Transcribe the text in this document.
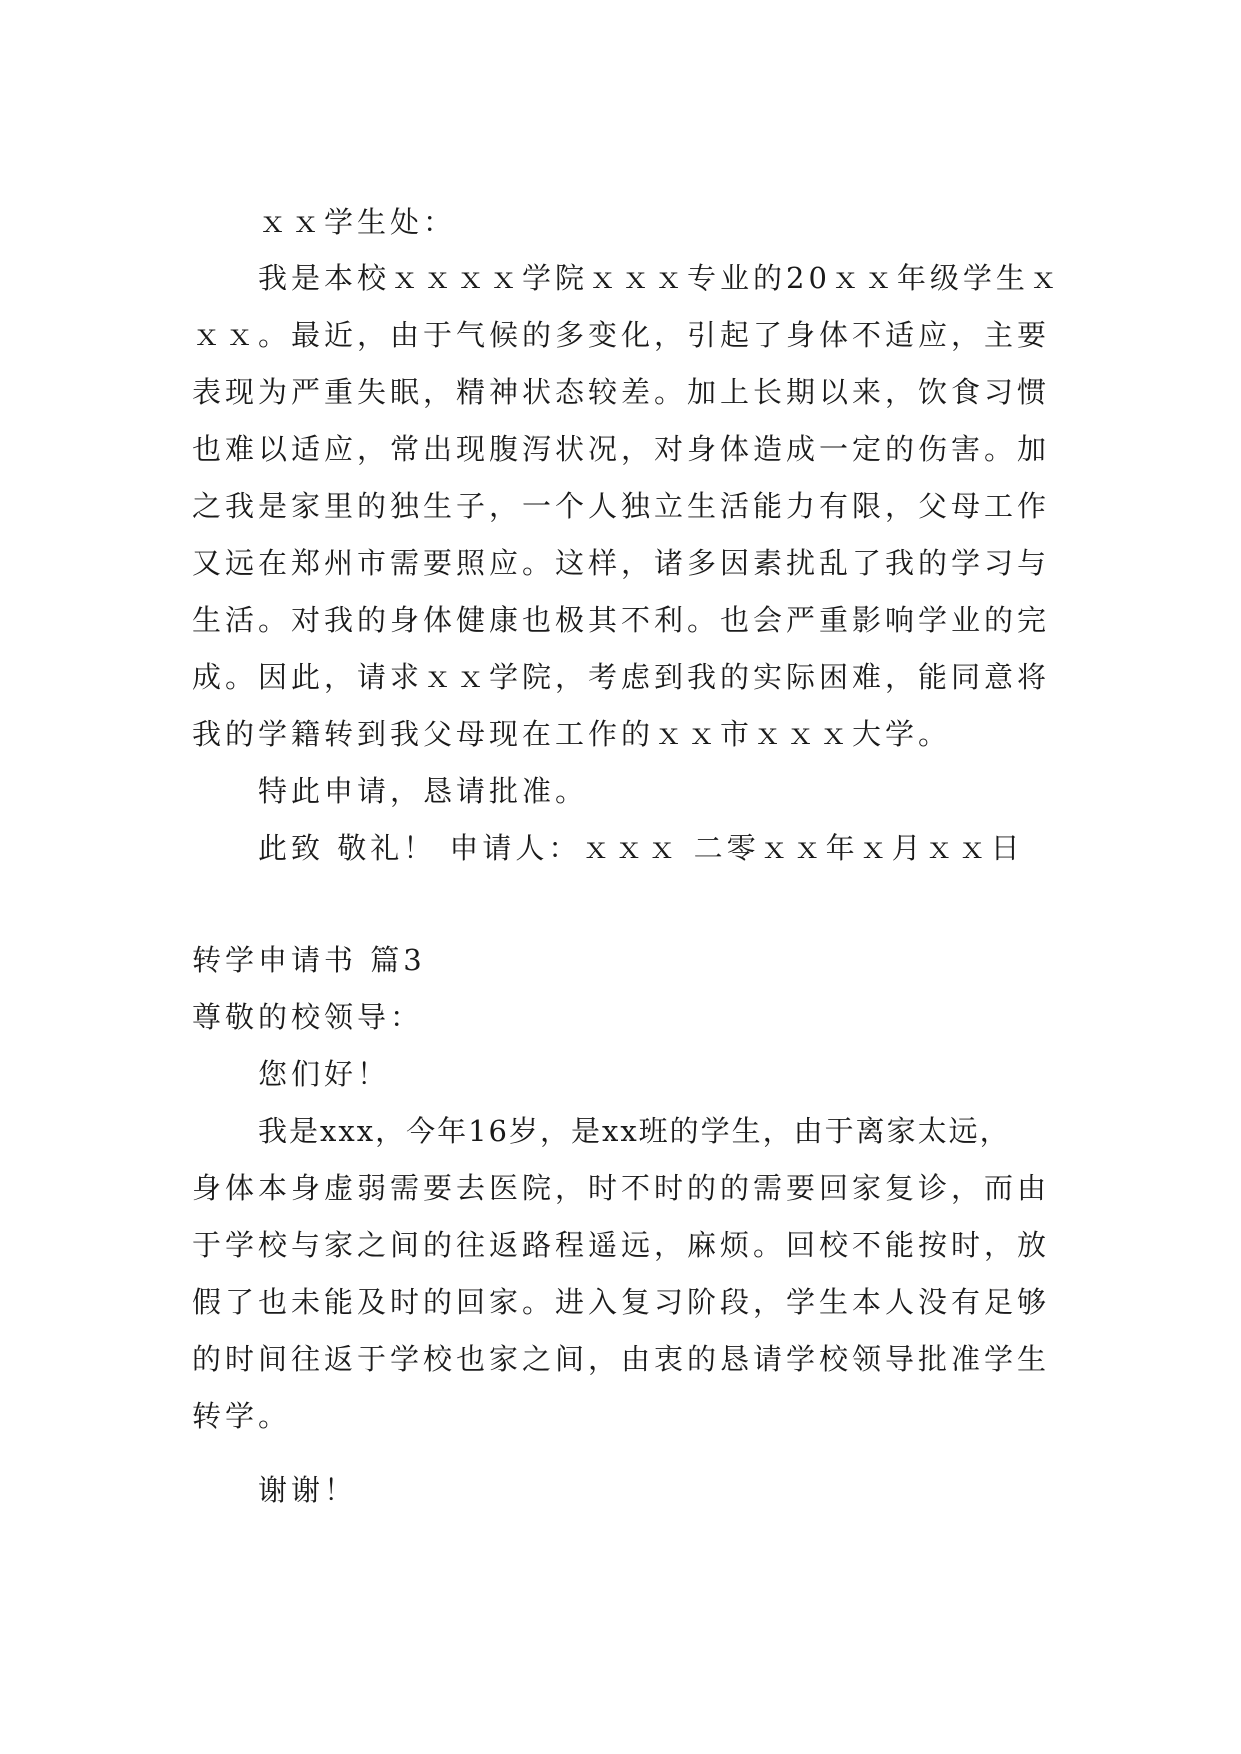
ｘｘ学生处：
我是本校ｘｘｘｘ学院ｘｘｘ专业的20ｘｘ年级学生ｘ
ｘｘ。最近，由于气候的多变化，引起了身体不适应，主要
表现为严重失眠，精神状态较差。加上长期以来，饮食习惯
也难以适应，常出现腹泻状况，对身体造成一定的伤害。加
之我是家里的独生子，一个人独立生活能力有限，父母工作
又远在郑州市需要照应。这样，诸多因素扰乱了我的学习与
生活。对我的身体健康也极其不利。也会严重影响学业的完
成。因此，请求ｘｘ学院，考虑到我的实际困难，能同意将
我的学籍转到我父母现在工作的ｘｘ市ｘｘｘ大学。
特此申请，恳请批准。
此致 敬礼！ 申请人：ｘｘｘ 二零ｘｘ年ｘ月ｘｘ日
转学申请书 篇3
尊敬的校领导：
您们好！
我是xxx，今年16岁，是xx班的学生，由于离家太远，
身体本身虚弱需要去医院，时不时的的需要回家复诊，而由
于学校与家之间的往返路程遥远，麻烦。回校不能按时，放
假了也未能及时的回家。进入复习阶段，学生本人没有足够
的时间往返于学校也家之间，由衷的恳请学校领导批准学生
转学。
谢谢！
